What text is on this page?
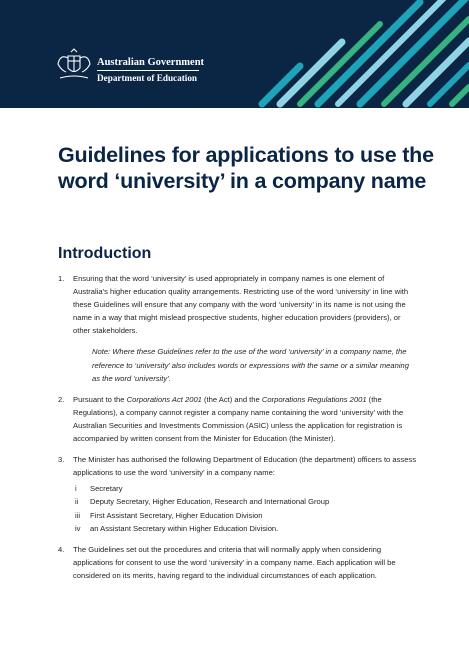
Australian Government
Department of Education
Guidelines for applications to use the word ‘university’ in a company name
Introduction
1. Ensuring that the word ‘university’ is used appropriately in company names is one element of Australia’s higher education quality arrangements. Restricting use of the word ‘university’ in line with these Guidelines will ensure that any company with the word ‘university’ in its name is not using the name in a way that might mislead prospective students, higher education providers (providers), or other stakeholders.
Note: Where these Guidelines refer to the use of the word ‘university’ in a company name, the reference to ‘university’ also includes words or expressions with the same or a similar meaning as the word ‘university’.
2. Pursuant to the Corporations Act 2001 (the Act) and the Corporations Regulations 2001 (the Regulations), a company cannot register a company name containing the word ‘university’ with the Australian Securities and Investments Commission (ASIC) unless the application for registration is accompanied by written consent from the Minister for Education (the Minister).
3. The Minister has authorised the following Department of Education (the department) officers to assess applications to use the word ‘university’ in a company name:
i Secretary
ii Deputy Secretary, Higher Education, Research and International Group
iii First Assistant Secretary, Higher Education Division
iv an Assistant Secretary within Higher Education Division.
4. The Guidelines set out the procedures and criteria that will normally apply when considering applications for consent to use the word ‘university’ in a company name. Each application will be considered on its merits, having regard to the individual circumstances of each application.
